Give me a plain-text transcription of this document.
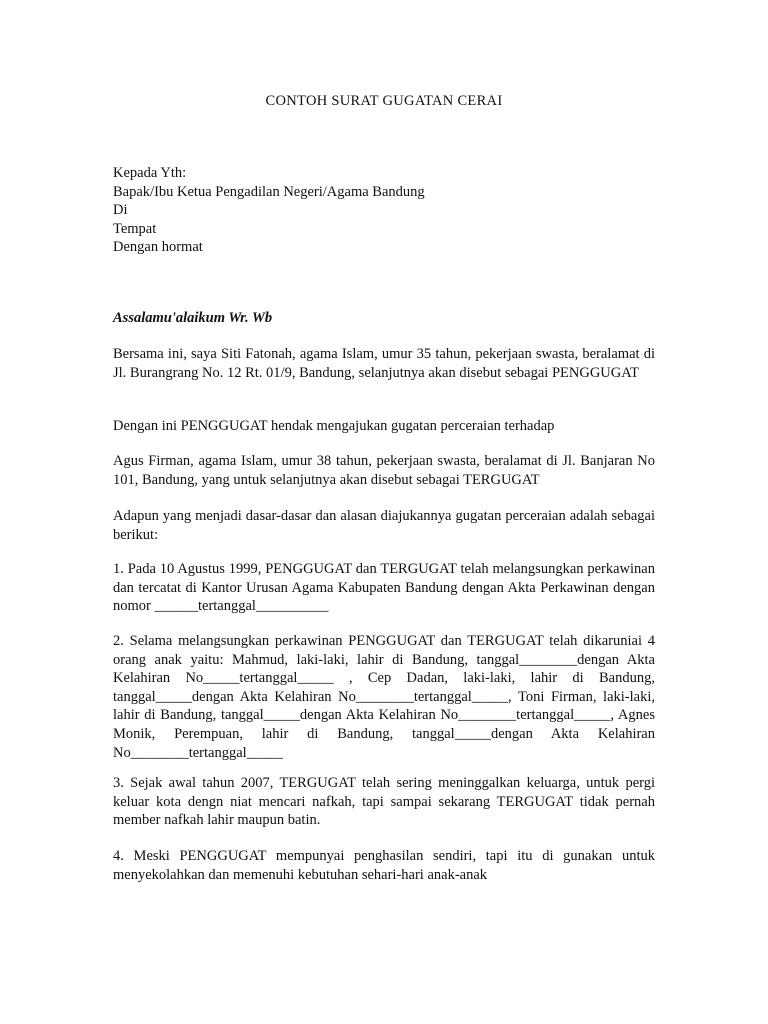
CONTOH SURAT GUGATAN CERAI
Kepada Yth:
Bapak/Ibu Ketua Pengadilan Negeri/Agama Bandung
Di
Tempat
Dengan hormat
Assalamu'alaikum Wr. Wb
Bersama ini, saya Siti Fatonah, agama Islam, umur 35 tahun, pekerjaan swasta, beralamat di Jl. Burangrang No. 12 Rt. 01/9, Bandung, selanjutnya akan disebut sebagai PENGGUGAT
Dengan ini PENGGUGAT hendak mengajukan gugatan perceraian terhadap
Agus Firman, agama Islam, umur 38 tahun, pekerjaan swasta, beralamat di Jl. Banjaran No 101, Bandung, yang untuk selanjutnya akan disebut sebagai TERGUGAT
Adapun yang menjadi dasar-dasar dan alasan diajukannya gugatan perceraian adalah sebagai berikut:
1. Pada 10 Agustus 1999, PENGGUGAT dan TERGUGAT telah melangsungkan perkawinan dan tercatat di Kantor Urusan Agama Kabupaten Bandung dengan Akta Perkawinan dengan nomor ______tertanggal__________
2. Selama melangsungkan perkawinan PENGGUGAT dan TERGUGAT telah dikaruniai 4 orang anak yaitu: Mahmud, laki-laki, lahir di Bandung, tanggal________dengan Akta Kelahiran No_____tertanggal_____ , Cep Dadan, laki-laki, lahir di Bandung, tanggal_____dengan Akta Kelahiran No________tertanggal_____, Toni Firman, laki-laki, lahir di Bandung, tanggal_____dengan Akta Kelahiran No________tertanggal_____, Agnes Monik, Perempuan, lahir di Bandung, tanggal_____dengan Akta Kelahiran No________tertanggal_____
3. Sejak awal tahun 2007, TERGUGAT telah sering meninggalkan keluarga, untuk pergi keluar kota dengn niat mencari nafkah, tapi sampai sekarang TERGUGAT tidak pernah member nafkah lahir maupun batin.
4. Meski PENGGUGAT mempunyai penghasilan sendiri, tapi itu di gunakan untuk menyekolahkan dan memenuhi kebutuhan sehari-hari anak-anak
